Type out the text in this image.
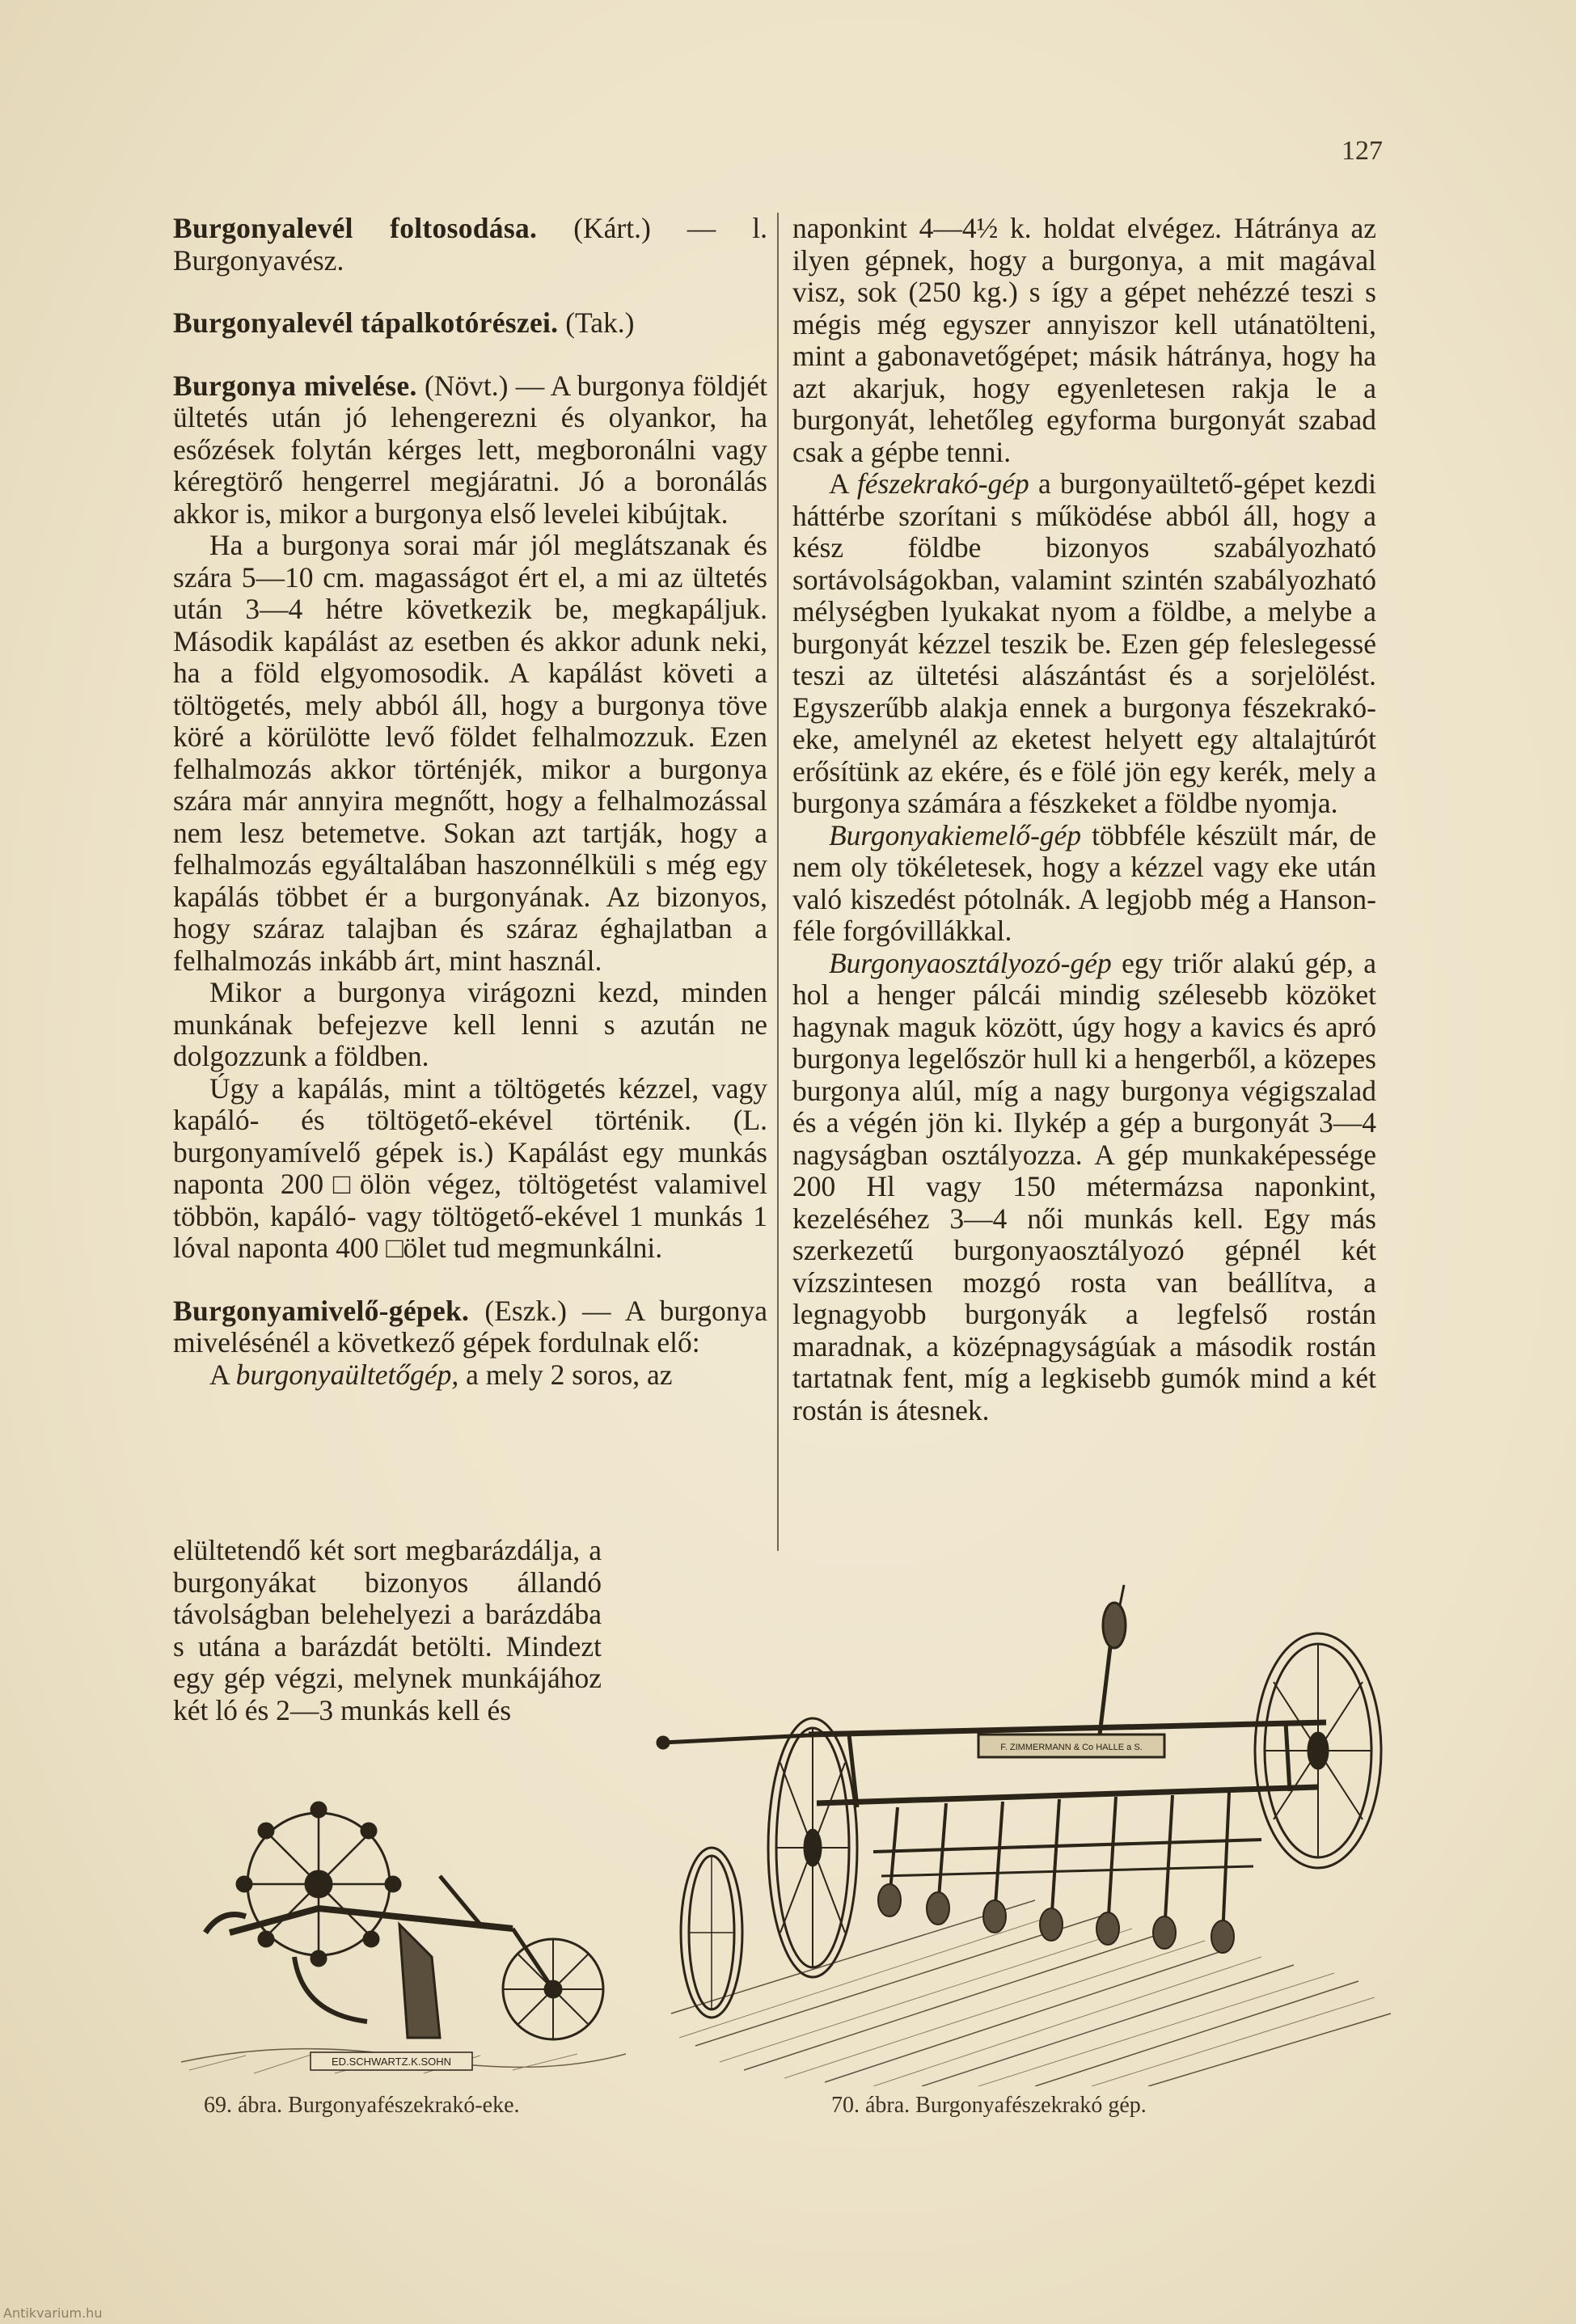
127

Burgonyalevél foltosodása. (Kárt.) — l. Burgonyavész.

Burgonyalevél tápalkotórészei. (Tak.)

Burgonya mivelése. (Növt.) — A burgonya földjét ültetés után jó lehengerezni és olyankor, ha esőzések folytán kérges lett, megboronálni vagy kéregtörő hengerrel megjáratni. Jó a boronálás akkor is, mikor a burgonya első levelei kibújtak.

Ha a burgonya sorai már jól meglátszanak és szára 5—10 cm. magasságot ért el, a mi az ültetés után 3—4 hétre következik be, megkapáljuk. Második kapálást az esetben és akkor adunk neki, ha a föld elgyomosodik. A kapálást követi a töltögetés, mely abból áll, hogy a burgonya töve köré a körülötte levő földet felhalmozzuk. Ezen felhalmozás akkor történjék, mikor a burgonya szára már annyira megnőtt, hogy a felhalmozással nem lesz betemetve. Sokan azt tartják, hogy a felhalmozás egyáltalában haszonnélküli s még egy kapálás többet ér a burgonyának. Az bizonyos, hogy száraz talajban és száraz éghajlatban a felhalmozás inkább árt, mint használ.

Mikor a burgonya virágozni kezd, minden munkának befejezve kell lenni s azután ne dolgozzunk a földben.

Úgy a kapálás, mint a töltögetés kézzel, vagy kapáló- és töltögető-ekével történik. (L. burgonyamívelő gépek is.) Kapálást egy munkás naponta 200□ölön végez, töltögetést valamivel többön, kapáló- vagy töltögető-ekével 1 munkás 1 lóval naponta 400 □ölet tud megmunkálni.

Burgonyamivelő-gépek. (Eszk.) — A burgonya mivelésénél a következő gépek fordulnak elő:

A burgonyaültetőgép, a mely 2 soros, az

elültetendő két sort megbarázdálja, a burgonyákat bizonyos állandó távolságban belehelyezi a barázdába s utána a barázdát betölti. Mindezt egy gép végzi, melynek munkájához két ló és 2—3 munkás kell és

naponkint 4—4½ k. holdat elvégez. Hátránya az ilyen gépnek, hogy a burgonya, a mit magával visz, sok (250 kg.) s így a gépet nehézzé teszi s mégis még egyszer annyiszor kell utánatölteni, mint a gabonavetőgépet; másik hátránya, hogy ha azt akarjuk, hogy egyenletesen rakja le a burgonyát, lehetőleg egyforma burgonyát szabad csak a gépbe tenni.

A fészekrakó-gép a burgonyaültető-gépet kezdi háttérbe szorítani s működése abból áll, hogy a kész földbe bizonyos szabályozható sortávolságokban, valamint szintén szabályozható mélységben lyukakat nyom a földbe, a melybe a burgonyát kézzel teszik be. Ezen gép feleslegessé teszi az ültetési alászántást és a sorjelölést. Egyszerűbb alakja ennek a burgonya fészekrakó-eke, amelynél az eketest helyett egy altalajtúrót erősítünk az ekére, és e fölé jön egy kerék, mely a burgonya számára a fészkeket a földbe nyomja.

Burgonyakiemelő-gép többféle készült már, de nem oly tökéletesek, hogy a kézzel vagy eke után való kiszedést pótolnák. A legjobb még a Hanson-féle forgóvillákkal.

Burgonyaosztályozó-gép egy triőr alakú gép, a hol a henger pálcái mindig szélesebb közöket hagynak maguk között, úgy hogy a kavics és apró burgonya legelőször hull ki a hengerből, a közepes burgonya alúl, míg a nagy burgonya végigszalad és a végén jön ki. Ilykép a gép a burgonyát 3—4 nagyságban osztályozza. A gép munkaképessége 200 Hl vagy 150 métermázsa naponkint, kezeléséhez 3—4 női munkás kell. Egy más szerkezetű burgonyaosztályozó gépnél két vízszintesen mozgó rosta van beállítva, a legnagyobb burgonyák a legfelső rostán maradnak, a középnagyságúak a második rostán tartatnak fent, míg a legkisebb gumók mind a két rostán is átesnek.

ED.SCHWARTZ.K.SOHN
F. ZIMMERMANN & Co HALLE a S.
69. ábra. Burgonyafészekrakó-eke.	70. ábra. Burgonyafészekrakó gép.
Antikvarium.hu
